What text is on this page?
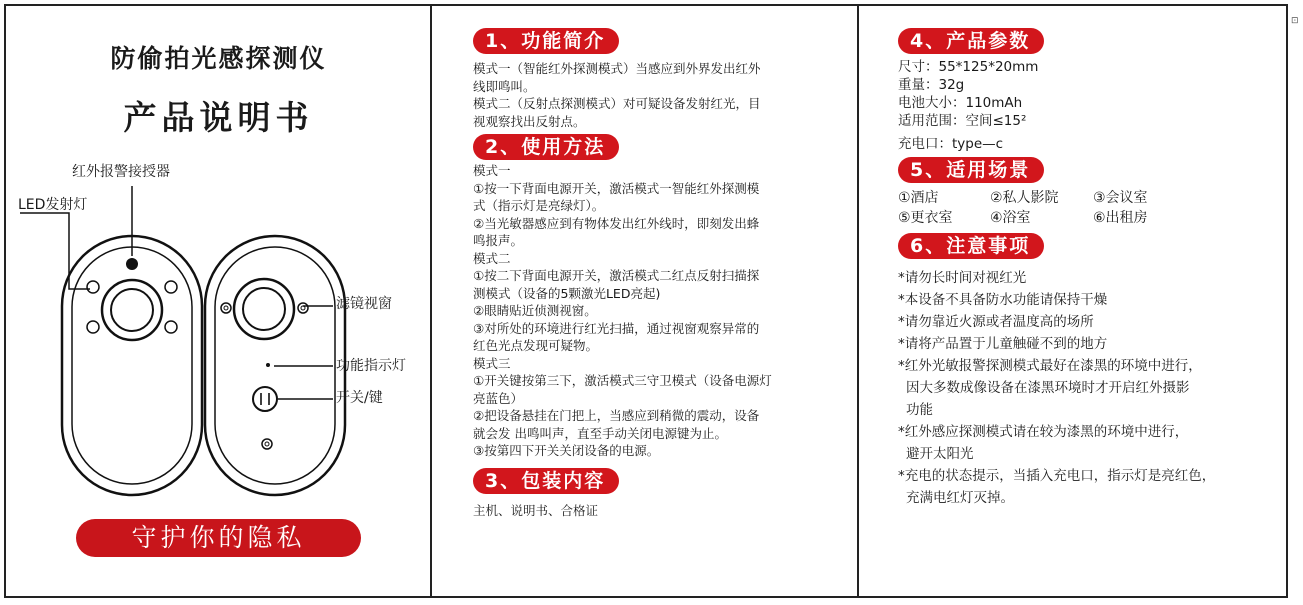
⊡
防偷拍光感探测仪
产品说明书
红外报警接授器
LED发射灯
滤镜视窗
功能指示灯
开关/键
守护你的隐私
1、功能简介

模式一（智能红外探测模式）当感应到外界发出红外

线即鸣叫。

模式二（反射点探测模式）对可疑设备发射红光，目

视观察找出反射点。

2、使用方法

模式一

①按一下背面电源开关，激活模式一智能红外探测模

式（指示灯是亮绿灯）。

②当光敏器感应到有物体发出红外线时，即刻发出蜂

鸣报声。

模式二

①按二下背面电源开关，激活模式二红点反射扫描探

测模式（设备的5颗激光LED亮起)

②眼睛贴近侦测视窗。

③对所处的环境进行红光扫描，通过视窗观察异常的

红色光点发现可疑物。

模式三

①开关键按第三下，激活模式三守卫模式（设备电源灯

亮蓝色）

②把设备悬挂在门把上，当感应到稍微的震动，设备

就会发 出鸣叫声，直至手动关闭电源键为止。

③按第四下开关关闭设备的电源。

3、包装内容

主机、说明书、合格证

4、产品参数

尺寸：55*125*20mm

重量：32g

电池大小：110mAh

适用范围：空间≤15²

充电口：type—c

5、适用场景
①酒店	②私人影院	③会议室
⑤更衣室	④浴室	⑥出租房
6、注意事项

*请勿长时间对视红光

*本设备不具备防水功能请保持干燥

*请勿靠近火源或者温度高的场所

*请将产品置于儿童触碰不到的地方

*红外光敏报警探测模式最好在漆黑的环境中进行，

因大多数成像设备在漆黑环境时才开启红外摄影

功能

*红外感应探测模式请在较为漆黑的环境中进行，

避开太阳光

*充电的状态提示，当插入充电口，指示灯是亮红色，

充满电红灯灭掉。
